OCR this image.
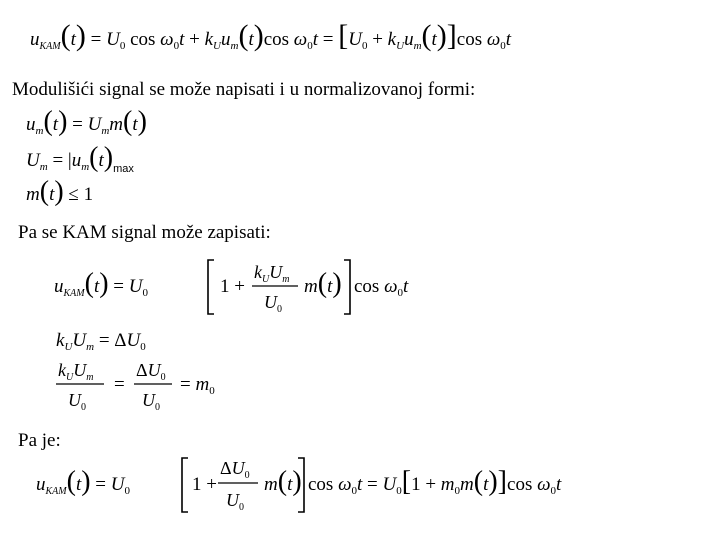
$u_{KAM}(t) = U_0$ $\cos \omega_0t + k_Uu_m(t)\cos$ $\omega_0t = [U_0 + k_Uu_m(t)]\cos$ $\omega_0t$
Modulišići signal se može napisati i u normalizovanoj formi:
$u_m(t) = U_mm(t)$
$U_m = |u_m(t)_{max}$
m(t) ≤ 1
Pa se KAM signal može zapisati:
$u_{KAM}(t) = U_0$	1 +
$k_UU_m$
$U_0$
m(t) $\cos \omega_0t$
$k_UU_m = \Delta U_0$
$k_UU_m$
$U_0$
=
$\Delta U_0$
$U_0$
= $m_0$
Pa je:
$u_{KAM}(t) = U_0$	1 +
$\Delta U_0$
$U_0$
m(t) $\cos \omega_0t = U_0[1 + m_0m(t)]\cos$ $\omega_0t$
